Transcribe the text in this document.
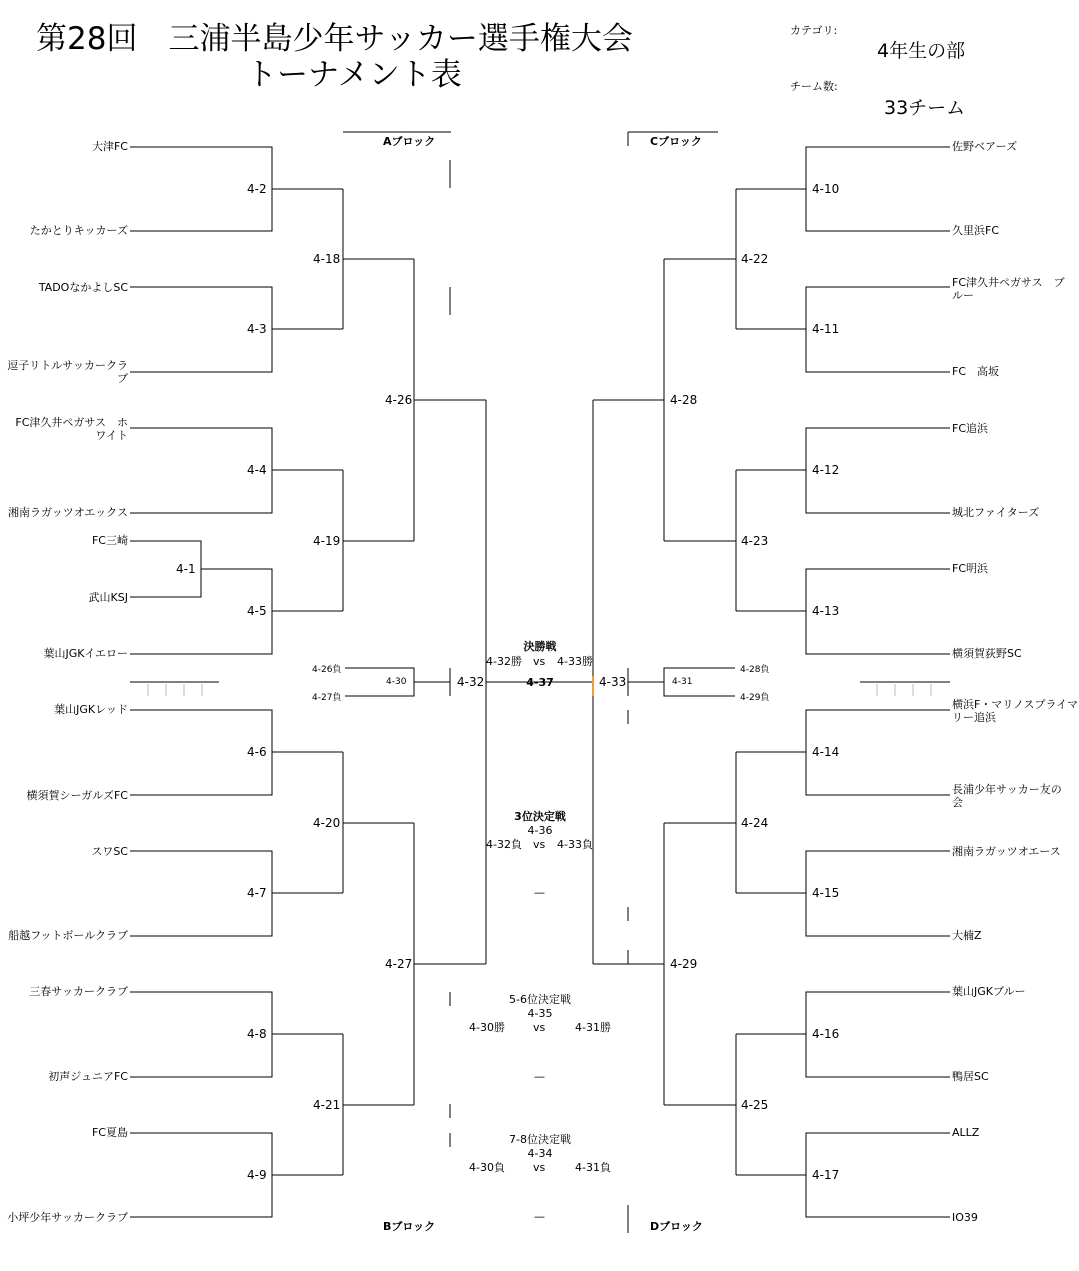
第28回　三浦半島少年サッカー選手権大会
トーナメント表
カテゴリ:
4年生の部
チーム数:
33チーム
Aブロック	Cブロック
Bブロック	Dブロック
大津FC
たかとりキッカーズ
TADOなかよしSC
逗子リトルサッカークラ
ブ
FC津久井ペガサス　ホ
ワイト
湘南ラガッツオエックス
FC三崎
武山KSJ
葉山JGKイエロー
葉山JGKレッド
横須賀シーガルズFC
スワSC
船越フットボールクラブ
三春サッカークラブ
初声ジュニアFC
FC夏島
小坪少年サッカークラブ
佐野ベアーズ
久里浜FC
FC津久井ペガサス　ブ
ルー
FC　高坂
FC追浜
城北ファイターズ
FC明浜
横須賀荻野SC
横浜F・マリノスプライマ
リー追浜
長浦少年サッカー友の
会
湘南ラガッツオエース
大楠Z
葉山JGKブルー
鴨居SC
ALLZ
IO39
4-2
4-3
4-4
4-1
4-5
4-6
4-7
4-8
4-9
4-18
4-19
4-20
4-21
4-26
4-27
4-32
4-10
4-11
4-12
4-13
4-14
4-15
4-16
4-17
4-22
4-23
4-24
4-25
4-28
4-29
4-33
4-26負
4-30
4-27負
4-28負
4-31
4-29負
決勝戦
4-32勝 vs 4-33勝
4-37
3位決定戦
4-36
4-32負 vs 4-33負
—
5-6位決定戦
4-35
4-30勝	vs	4-31勝
—
7-8位決定戦
4-34
4-30負	vs	4-31負
—
